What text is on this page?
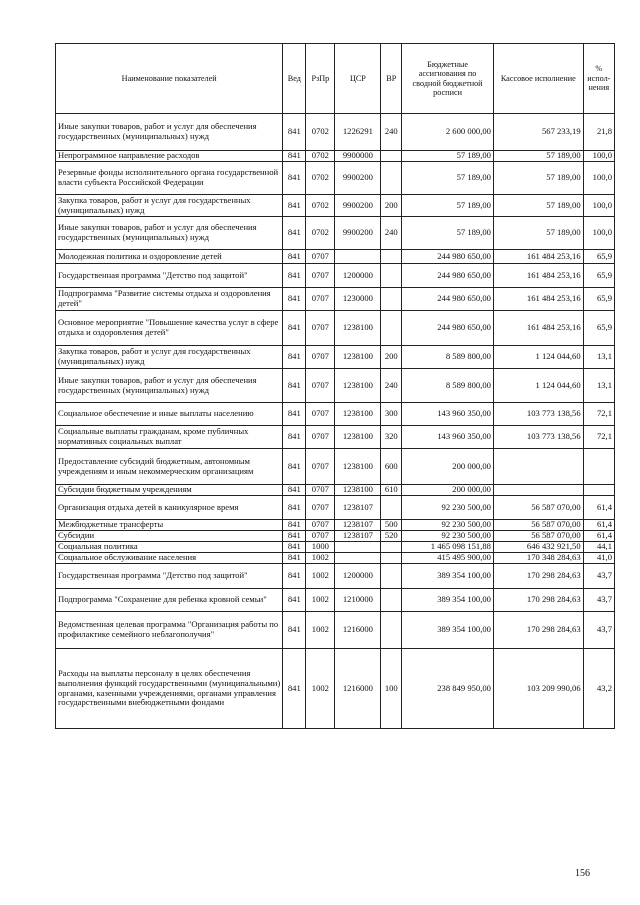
Наименование показателей	Вед	РзПр	ЦСР	ВР	Бюджетные ассигнования по сводной бюджетной росписи	Кассовое исполнение	% испол-нения
Иные закупки товаров, работ и услуг для обеспечения государственных (муниципальных) нужд	841	0702	1226291	240	2 600 000,00	567 233,19	21,8
Непрограммное направление расходов	841	0702	9900000		57 189,00	57 189,00	100,0
Резервные фонды исполнительного органа государственной власти субъекта Российской Федерации	841	0702	9900200		57 189,00	57 189,00	100,0
Закупка товаров, работ и услуг для государственных (муниципальных) нужд	841	0702	9900200	200	57 189,00	57 189,00	100,0
Иные закупки товаров, работ и услуг для обеспечения государственных (муниципальных) нужд	841	0702	9900200	240	57 189,00	57 189,00	100,0
Молодежная политика и оздоровление детей	841	0707			244 980 650,00	161 484 253,16	65,9
Государственная программа "Детство под защитой"	841	0707	1200000		244 980 650,00	161 484 253,16	65,9
Подпрограмма "Развитие системы отдыха и оздоровления детей"	841	0707	1230000		244 980 650,00	161 484 253,16	65,9
Основное мероприятие "Повышение качества услуг в сфере отдыха и оздоровления детей"	841	0707	1238100		244 980 650,00	161 484 253,16	65,9
Закупка товаров, работ и услуг для государственных (муниципальных) нужд	841	0707	1238100	200	8 589 800,00	1 124 044,60	13,1
Иные закупки товаров, работ и услуг для обеспечения государственных (муниципальных) нужд	841	0707	1238100	240	8 589 800,00	1 124 044,60	13,1
Социальное обеспечение и иные выплаты населению	841	0707	1238100	300	143 960 350,00	103 773 138,56	72,1
Социальные выплаты гражданам, кроме публичных нормативных социальных выплат	841	0707	1238100	320	143 960 350,00	103 773 138,56	72,1
Предоставление субсидий бюджетным, автономным учреждениям и иным некоммерческим организациям	841	0707	1238100	600	200 000,00		
Субсидии бюджетным учреждениям	841	0707	1238100	610	200 000,00		
Организация отдыха детей в каникулярное время	841	0707	1238107		92 230 500,00	56 587 070,00	61,4
Межбюджетные трансферты	841	0707	1238107	500	92 230 500,00	56 587 070,00	61,4
Субсидии	841	0707	1238107	520	92 230 500,00	56 587 070,00	61,4
Социальная политика	841	1000			1 465 098 151,88	646 432 921,50	44,1
Социальное обслуживание населения	841	1002			415 495 900,00	170 348 284,63	41,0
Государственная программа "Детство под защитой"	841	1002	1200000		389 354 100,00	170 298 284,63	43,7
Подпрограмма "Сохранение для ребенка кровной семьи"	841	1002	1210000		389 354 100,00	170 298 284,63	43,7
Ведомственная целевая программа "Организация работы по профилактике семейного неблагополучия"	841	1002	1216000		389 354 100,00	170 298 284,63	43,7
Расходы на выплаты персоналу в целях обеспечения выполнения функций государственными (муниципальными) органами, казенными учреждениями, органами управления государственными внебюджетными фондами	841	1002	1216000	100	238 849 950,00	103 209 990,06	43,2
156
